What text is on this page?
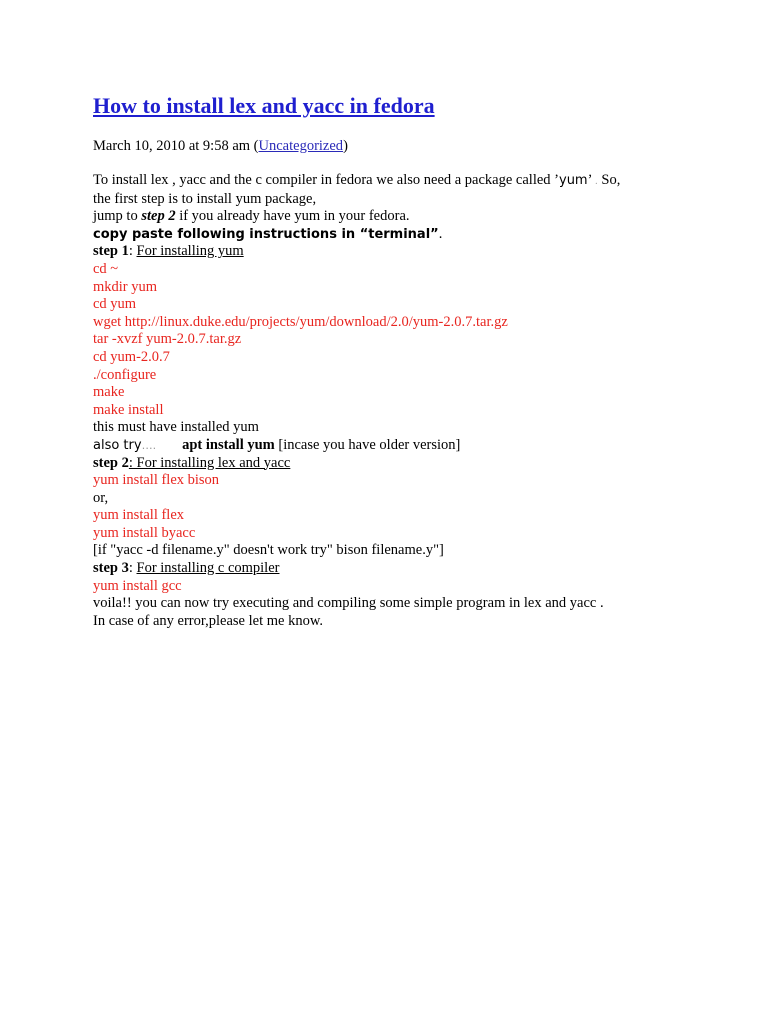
How to install lex and yacc in fedora
March 10, 2010 at 9:58 am (Uncategorized)
To install lex , yacc and the c compiler in fedora we also need a package called ’yum’ . So,
the first step is to install yum package,
jump to step 2 if you already have yum in your fedora.
copy paste following instructions in “terminal”.
step 1: For installing yum
cd ~
mkdir yum
cd yum
wget http://linux.duke.edu/projects/yum/download/2.0/yum-2.0.7.tar.gz
tar -xvzf yum-2.0.7.tar.gz
cd yum-2.0.7
./configure
make
make install
this must have installed yum
also try…. apt install yum [incase you have older version]
step 2: For installing lex and yacc
yum install flex bison
or,
yum install flex
yum install byacc
[if "yacc -d filename.y" doesn't work try" bison filename.y"]
step 3: For installing c compiler
yum install gcc
voila!! you can now try executing and compiling some simple program in lex and yacc .
In case of any error,please let me know.
